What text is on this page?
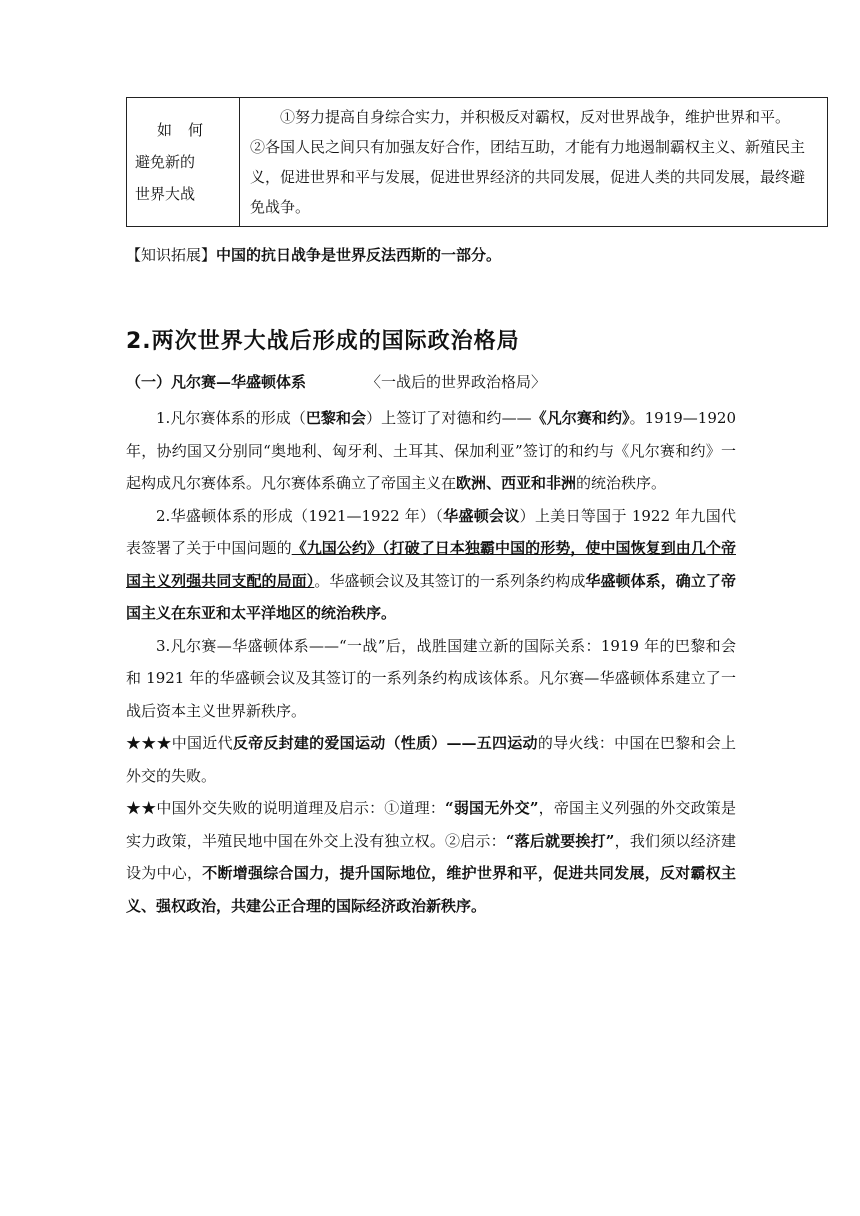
如何
避免新的
世界大战

①努力提高自身综合实力，并积极反对霸权，反对世界战争，维护世界和平。

②各国人民之间只有加强友好合作，团结互助，才能有力地遏制霸权主义、新殖民主义，促进世界和平与发展，促进世界经济的共同发展，促进人类的共同发展，最终避免战争。

【知识拓展】中国的抗日战争是世界反法西斯的一部分。
2.两次世界大战后形成的国际政治格局
（一）凡尔赛—华盛顿体系	〈一战后的世界政治格局〉

1.凡尔赛体系的形成（巴黎和会）上签订了对德和约——《凡尔赛和约》。1919—1920 年，协约国又分别同“奥地利、匈牙利、土耳其、保加利亚”签订的和约与《凡尔赛和约》一起构成凡尔赛体系。凡尔赛体系确立了帝国主义在欧洲、西亚和非洲的统治秩序。

2.华盛顿体系的形成（1921—1922 年）（华盛顿会议）上美日等国于 1922 年九国代表签署了关于中国问题的《九国公约》（打破了日本独霸中国的形势，使中国恢复到由几个帝国主义列强共同支配的局面）。华盛顿会议及其签订的一系列条约构成华盛顿体系，确立了帝国主义在东亚和太平洋地区的统治秩序。

3.凡尔赛—华盛顿体系——“一战”后，战胜国建立新的国际关系：1919 年的巴黎和会和 1921 年的华盛顿会议及其签订的一系列条约构成该体系。凡尔赛—华盛顿体系建立了一战后资本主义世界新秩序。

★★★中国近代反帝反封建的爱国运动（性质）——五四运动的导火线：中国在巴黎和会上外交的失败。

★★中国外交失败的说明道理及启示：①道理：“弱国无外交”，帝国主义列强的外交政策是实力政策，半殖民地中国在外交上没有独立权。②启示：“落后就要挨打”，我们须以经济建设为中心，不断增强综合国力，提升国际地位，维护世界和平，促进共同发展，反对霸权主义、强权政治，共建公正合理的国际经济政治新秩序。
